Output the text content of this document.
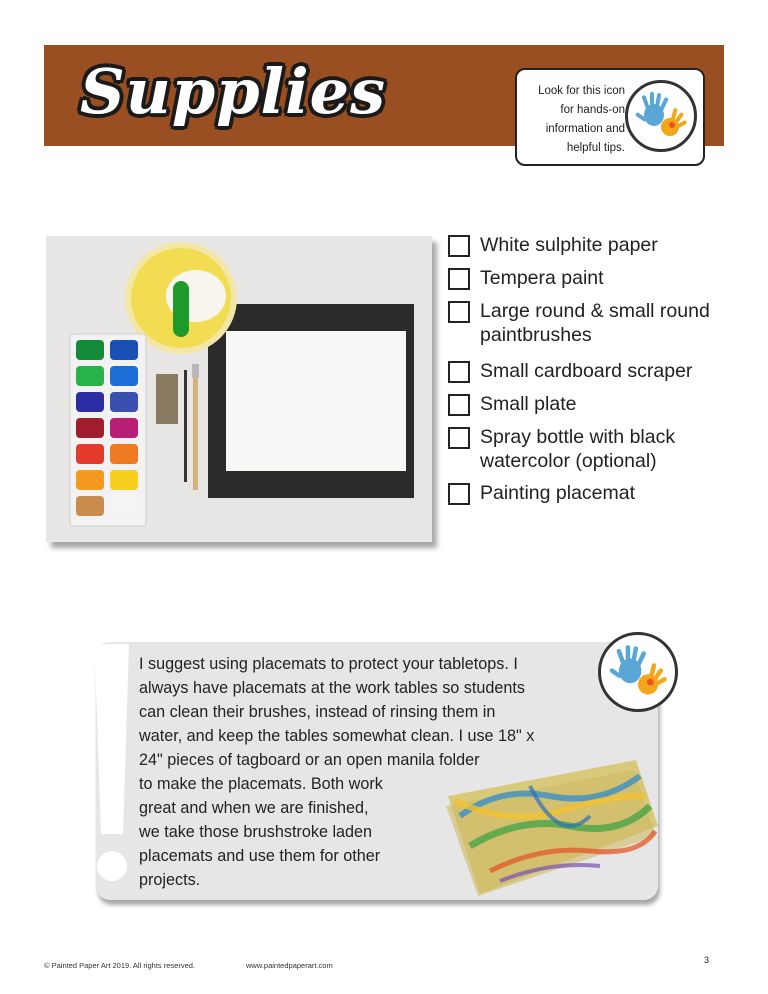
Supplies	Look for this icon
for hands-on
information and
helpful tips.
White sulphite paper
Tempera paint
Large round & small round paintbrushes
Small cardboard scraper
Small plate
Spray bottle with black watercolor (optional)
Painting placemat
I suggest using placemats to protect your tabletops. I
always have placemats at the work tables so students
can clean their brushes, instead of rinsing them in
water, and keep the tables somewhat clean. I use 18" x
24" pieces of tagboard or an open manila folder
to make the placemats. Both work
great and when we are finished,
we take those brushstroke laden
placemats and use them for other
projects.
© Painted Paper Art 2019. All rights reserved.	www.paintedpaperart.com
3
